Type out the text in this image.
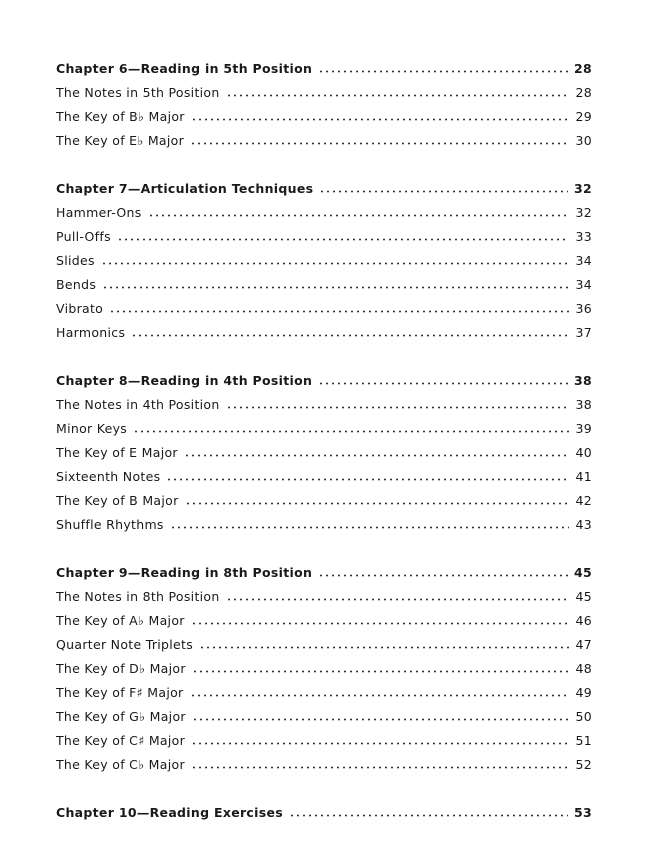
Chapter 6—Reading in 5th Position	28
The Notes in 5th Position	28
The Key of B♭ Major	29
The Key of E♭ Major	30
Chapter 7—Articulation Techniques	32
Hammer-Ons	32
Pull-Offs	33
Slides	34
Bends	34
Vibrato	36
Harmonics	37
Chapter 8—Reading in 4th Position	38
The Notes in 4th Position	38
Minor Keys	39
The Key of E Major	40
Sixteenth Notes	41
The Key of B Major	42
Shuffle Rhythms	43
Chapter 9—Reading in 8th Position	45
The Notes in 8th Position	45
The Key of A♭ Major	46
Quarter Note Triplets	47
The Key of D♭ Major	48
The Key of F♯ Major	49
The Key of G♭ Major	50
The Key of C♯ Major	51
The Key of C♭ Major	52
Chapter 10—Reading Exercises	53
